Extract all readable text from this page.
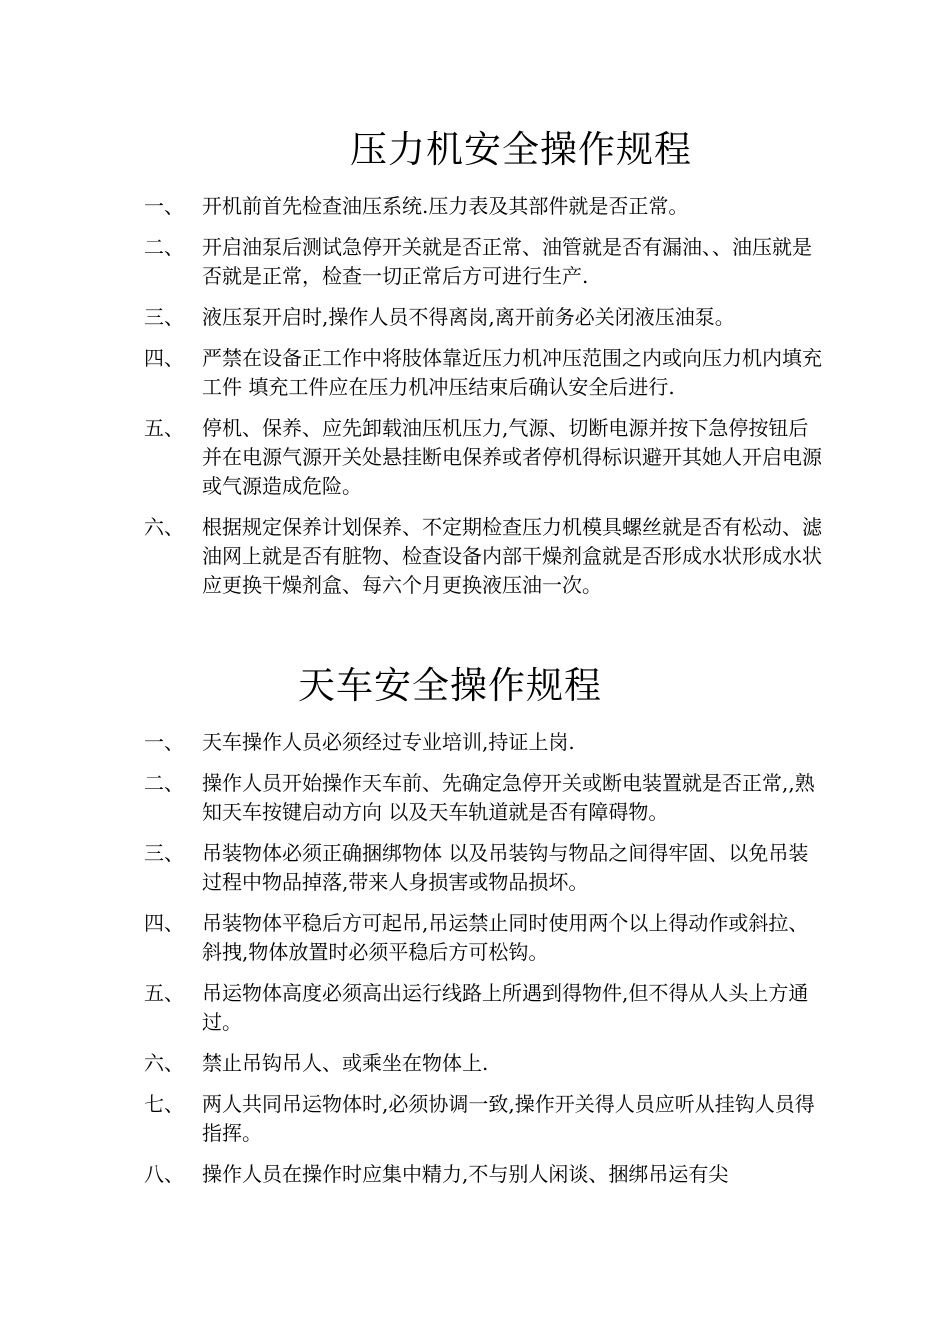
压力机安全操作规程
一、 开机前首先检查油压系统.压力表及其部件就是否正常。
二、 开启油泵后测试急停开关就是否正常、油管就是否有漏油、、油压就是否就是正常，检查一切正常后方可进行生产.
三、 液压泵开启时,操作人员不得离岗,离开前务必关闭液压油泵。
四、 严禁在设备正工作中将肢体靠近压力机冲压范围之内或向压力机内填充工件 填充工件应在压力机冲压结束后确认安全后进行.
五、 停机、保养、应先卸载油压机压力,气源、切断电源并按下急停按钮后并在电源气源开关处悬挂断电保养或者停机得标识避开其她人开启电源或气源造成危险。
六、 根据规定保养计划保养、不定期检查压力机模具螺丝就是否有松动、滤油网上就是否有脏物、检查设备内部干燥剂盒就是否形成水状形成水状应更换干燥剂盒、每六个月更换液压油一次。
天车安全操作规程
一、 天车操作人员必须经过专业培训,持证上岗.
二、 操作人员开始操作天车前、先确定急停开关或断电装置就是否正常,,熟知天车按键启动方向 以及天车轨道就是否有障碍物。
三、 吊装物体必须正确捆绑物体 以及吊装钩与物品之间得牢固、以免吊装过程中物品掉落,带来人身损害或物品损坏。
四、 吊装物体平稳后方可起吊,吊运禁止同时使用两个以上得动作或斜拉、斜拽,物体放置时必须平稳后方可松钩。
五、 吊运物体高度必须高出运行线路上所遇到得物件,但不得从人头上方通过。
六、 禁止吊钩吊人、或乘坐在物体上.
七、 两人共同吊运物体时,必须协调一致,操作开关得人员应听从挂钩人员得指挥。
八、 操作人员在操作时应集中精力,不与别人闲谈、捆绑吊运有尖
